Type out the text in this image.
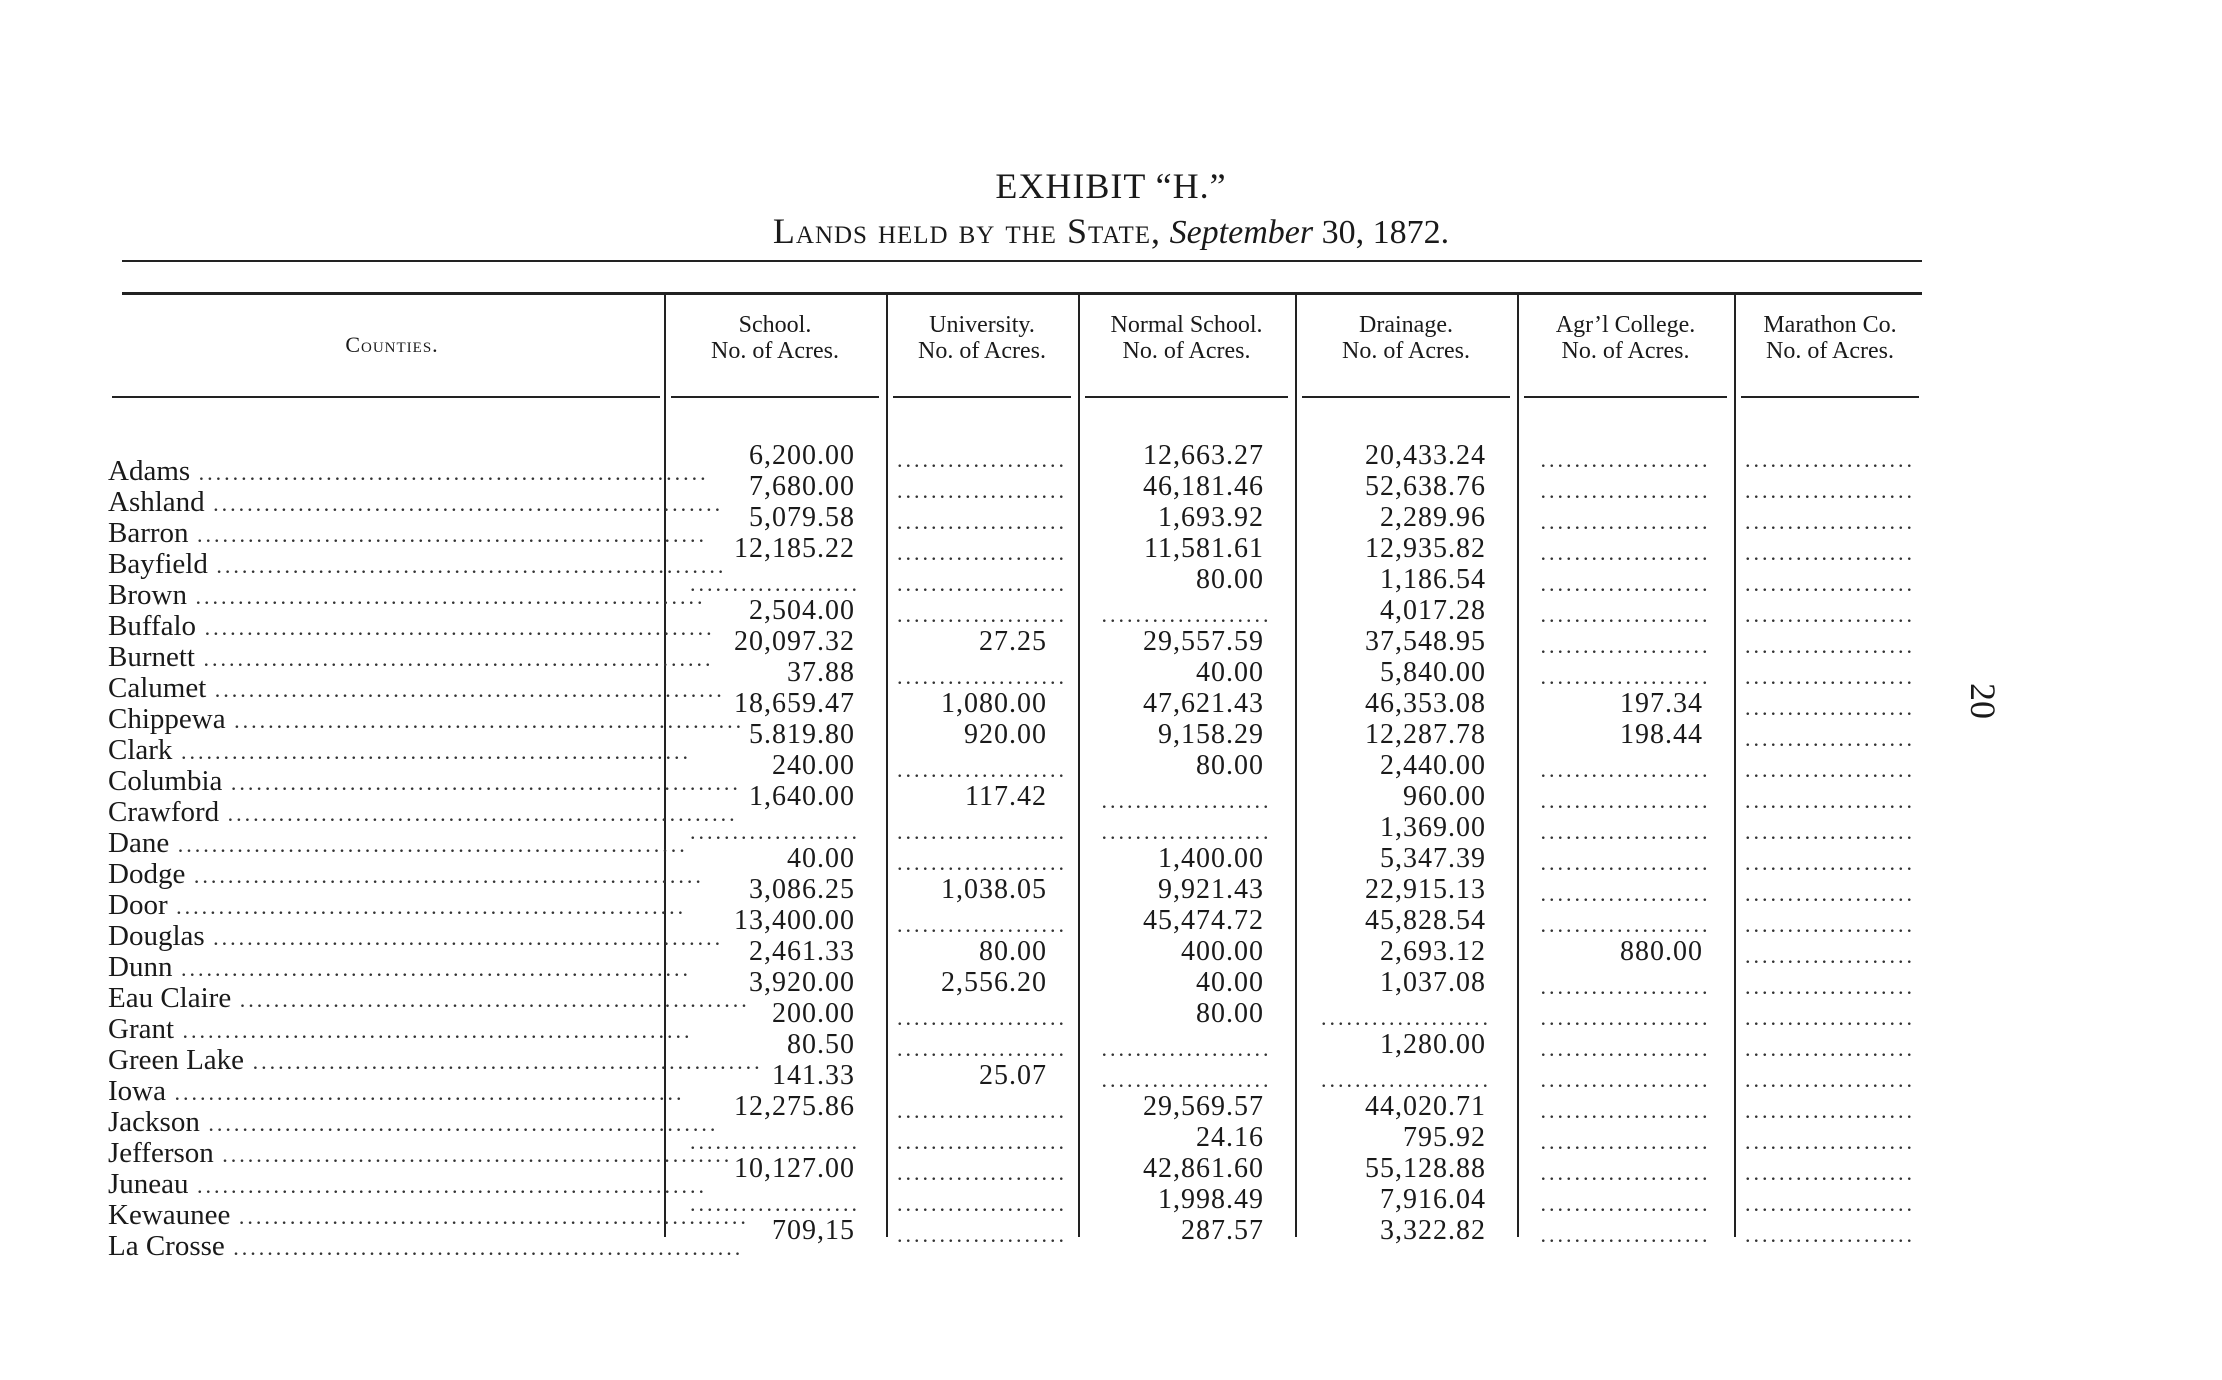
EXHIBIT “H.”
Lands held by the State, September 30, 1872.
Counties.
School.
No. of Acres.
University.
No. of Acres.
Normal School.
No. of Acres.
Drainage.
No. of Acres.
Agr’l College.
No. of Acres.
Marathon Co.
No. of Acres.
Adams ............................................................
6,200.00 ....................	12,663.27	20,433.24	....................	....................
Ashland ............................................................
7,680.00 ....................	46,181.46	52,638.76	....................	....................
Barron ............................................................
5,079.58 ....................	1,693.92	2,289.96	....................	....................
Bayfield ............................................................
12,185.22 ....................	11,581.61	12,935.82	....................	....................
Brown ............................................................
....................	....................	80.00	1,186.54	....................	....................
Buffalo ............................................................
2,504.00 ....................	....................	4,017.28	....................	....................
Burnett ............................................................
20,097.32	27.25	29,557.59	37,548.95	....................	....................
Calumet ............................................................
37.88 ....................	40.00	5,840.00	....................	....................
Chippewa ............................................................
18,659.47	1,080.00	47,621.43	46,353.08	197.34 ....................
Clark ............................................................
5.819.80	920.00	9,158.29	12,287.78	198.44 ....................
Columbia ............................................................
240.00 ....................	80.00	2,440.00	....................	....................
Crawford ............................................................
1,640.00	117.42	....................	960.00	....................	....................
Dane ............................................................
....................	....................	....................	1,369.00	....................	....................
Dodge ............................................................
40.00 ....................	1,400.00	5,347.39	....................	....................
Door ............................................................
3,086.25	1,038.05	9,921.43	22,915.13	....................	....................
Douglas ............................................................
13,400.00 ....................	45,474.72	45,828.54	....................	....................
Dunn ............................................................
2,461.33	80.00	400.00	2,693.12	880.00 ....................
Eau Claire ............................................................
3,920.00	2,556.20	40.00	1,037.08	....................	....................
Grant ............................................................
200.00 ....................	80.00	....................	....................	....................
Green Lake ............................................................
80.50 ....................	....................	1,280.00	....................	....................
Iowa ............................................................
141.33	25.07	....................	....................	....................	....................
Jackson ............................................................
12,275.86 ....................	29,569.57	44,020.71	....................	....................
Jefferson ............................................................
....................	....................	24.16	795.92	....................	....................
Juneau ............................................................
10,127.00 ....................	42,861.60	55,128.88	....................	....................
Kewaunee ............................................................
....................	....................	1,998.49	7,916.04	....................	....................
La Crosse ............................................................
709,15 ....................	287.57	3,322.82	....................	....................
20
